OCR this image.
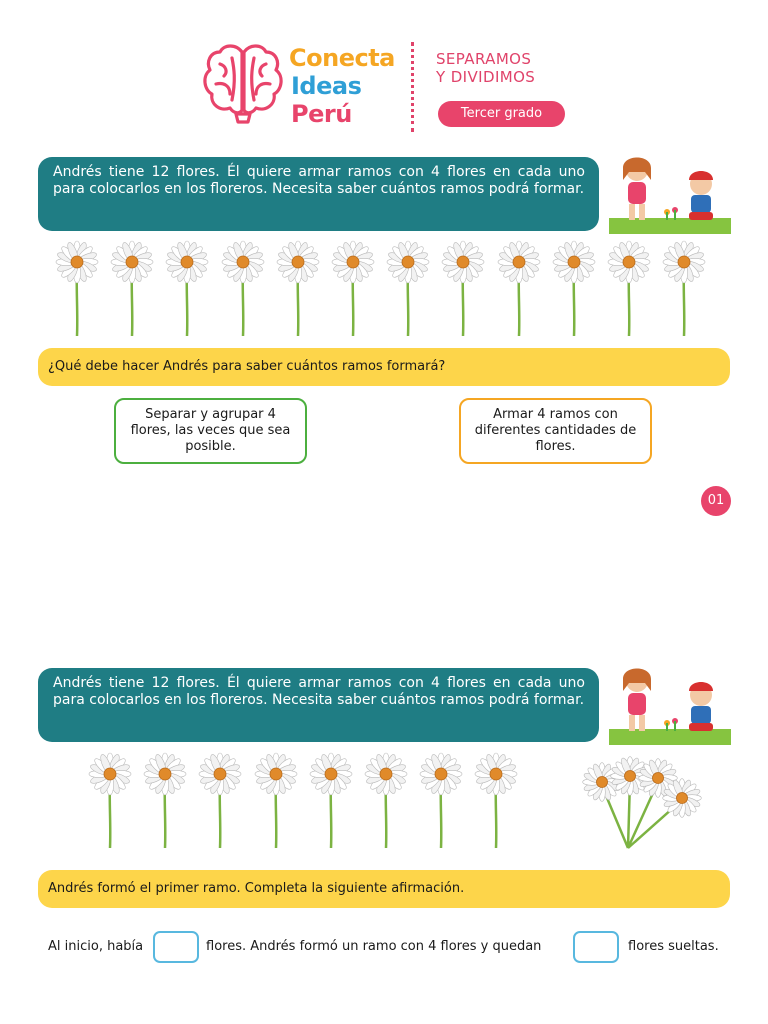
Conecta
Ideas
Perú
SEPARAMOS
Y DIVIDIMOS
Tercer grado
Andrés tiene 12 flores. Él quiere armar ramos con 4 flores en cada uno para colocarlos en los floreros. Necesita saber cuántos ramos podrá formar.
¿Qué debe hacer Andrés para saber cuántos ramos formará?
Separar y agrupar 4 flores, las veces que sea posible.
Armar 4 ramos con diferentes cantidades de flores.
01
Andrés tiene 12 flores. Él quiere armar ramos con 4 flores en cada uno para colocarlos en los floreros. Necesita saber cuántos ramos podrá formar.
Andrés formó el primer ramo. Completa la siguiente afirmación.
Al inicio, había	flores. Andrés formó un ramo con 4 flores y quedan	flores sueltas.
